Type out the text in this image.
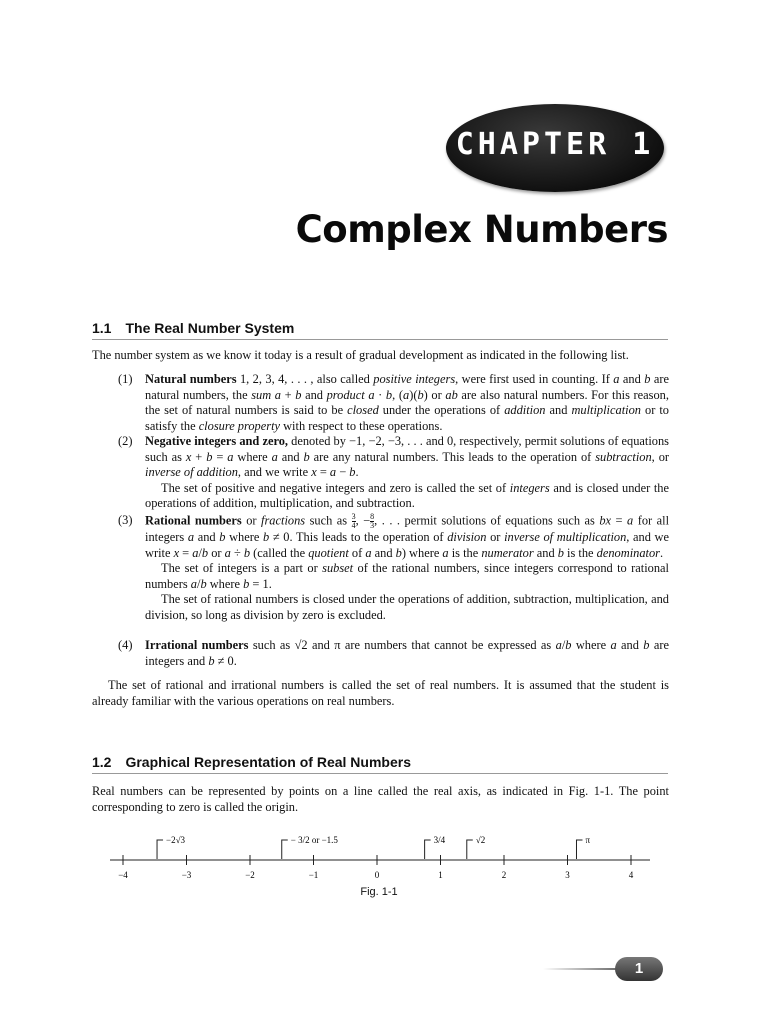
CHAPTER 1
Complex Numbers
1.1 The Real Number System
The number system as we know it today is a result of gradual development as indicated in the following list.
(1) Natural numbers 1, 2, 3, 4, . . . , also called positive integers, were first used in counting. If a and b are natural numbers, the sum a + b and product a · b, (a)(b) or ab are also natural numbers. For this reason, the set of natural numbers is said to be closed under the operations of addition and multiplication or to satisfy the closure property with respect to these operations.
(2) Negative integers and zero, denoted by −1, −2, −3, . . . and 0, respectively, permit solutions of equations such as x + b = a where a and b are any natural numbers. This leads to the operation of subtraction, or inverse of addition, and we write x = a − b.
The set of positive and negative integers and zero is called the set of integers and is closed under the operations of addition, multiplication, and subtraction.
(3) Rational numbers or fractions such as $\frac{3}{4}$ , − $\frac{8}{3}$ , . . . permit solutions of equations such as bx = a for all integers a and b where b ≠ 0. This leads to the operation of division or inverse of multiplication, and we write x = a/b or a ÷ b (called the quotient of a and b) where a is the numerator and b is the denominator.
The set of integers is a part or subset of the rational numbers, since integers correspond to rational numbers a/b where b = 1.
The set of rational numbers is closed under the operations of addition, subtraction, multiplication, and division, so long as division by zero is excluded.
(4) Irrational numbers such as √2 and π are numbers that cannot be expressed as a/b where a and b are integers and b ≠ 0.
The set of rational and irrational numbers is called the set of real numbers. It is assumed that the student is already familiar with the various operations on real numbers.
1.2 Graphical Representation of Real Numbers
Real numbers can be represented by points on a line called the real axis, as indicated in Fig. 1-1. The point corresponding to zero is called the origin.
−4	−3	−2	−1	0	1	2	3	4
−2√3	− 3/2 or −1.5	3/4	√2	π
Fig. 1-1
1
